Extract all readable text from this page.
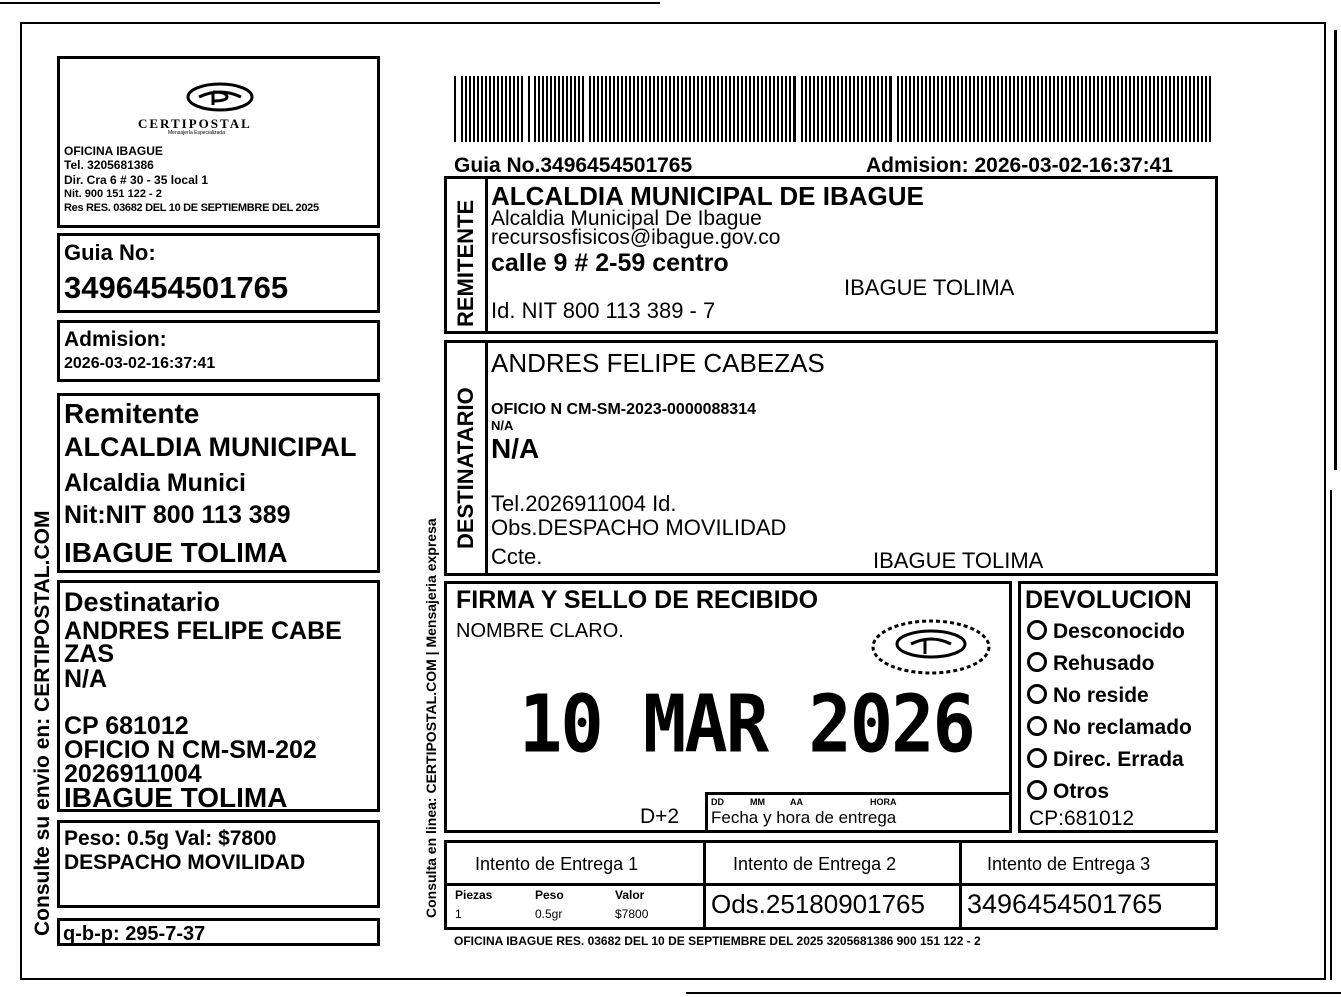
CERTIPOSTAL
Mensajería Especializada
OFICINA IBAGUE
Tel. 3205681386
Dir. Cra 6 # 30 - 35 local 1
Nit. 900 151 122 - 2
Res RES. 03682 DEL 10 DE SEPTIEMBRE DEL 2025
Guia No:
3496454501765
Admision:
2026-03-02-16:37:41
Remitente
ALCALDIA MUNICIPAL
Alcaldia Munici
Nit:NIT 800 113 389
IBAGUE TOLIMA
Destinatario
ANDRES FELIPE CABE
ZAS
N/A
CP 681012
OFICIO N CM-SM-202
2026911004
IBAGUE TOLIMA
Peso: 0.5g Val: $7800
DESPACHO MOVILIDAD
q-b-p: 295-7-37
Consulte su envio en: CERTIPOSTAL.COM	Consulta en linea: CERTIPOSTAL.COM | Mensajeria expresa
Guia No.3496454501765	Admision: 2026-03-02-16:37:41
REMITENTE
ALCALDIA MUNICIPAL DE IBAGUE
Alcaldia Municipal De Ibague
recursosfisicos@ibague.gov.co
calle 9 # 2-59 centro
IBAGUE TOLIMA
Id. NIT 800 113 389 - 7
DESTINATARIO
ANDRES FELIPE CABEZAS
OFICIO N CM-SM-2023-0000088314
N/A
N/A
Tel.2026911004 Id.
Obs.DESPACHO MOVILIDAD
Ccte.	IBAGUE TOLIMA
FIRMA Y SELLO DE RECIBIDO
NOMBRE CLARO.
10 MAR 2026
D+2
DD	MM	AA	HORA
Fecha y hora de entrega
DEVOLUCION
Desconocido
Rehusado
No reside
No reclamado
Direc. Errada
Otros
CP:681012
Intento de Entrega 1	Intento de Entrega 2	Intento de Entrega 3
Piezas	Peso	Valor
1	0.5gr	$7800 Ods.25180901765 3496454501765
OFICINA IBAGUE RES. 03682 DEL 10 DE SEPTIEMBRE DEL 2025 3205681386 900 151 122 - 2
